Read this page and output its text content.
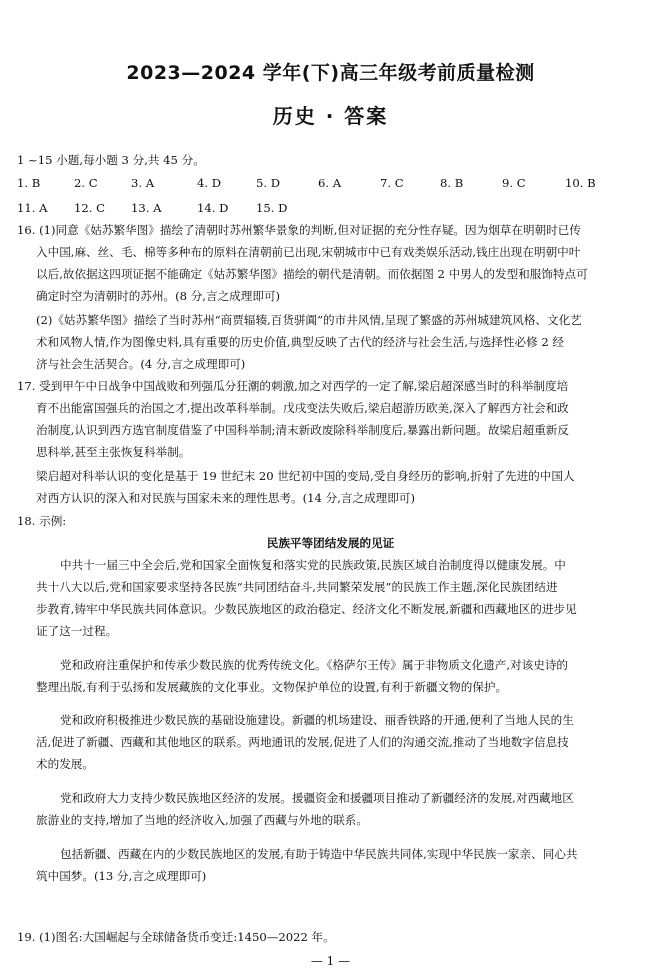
2023—2024 学年(下)高三年级考前质量检测
历史 · 答案
1 ~15 小题,每小题 3 分,共 45 分。
1. B	2. C	3. A	4. D	5. D	6. A	7. C	8. B	9. C	10. B
11. A 12. C 13. A	14. D 15. D
16. (1)同意《姑苏繁华图》描绘了清朝时苏州繁华景象的判断,但对证据的充分性存疑。因为烟草在明朝时已传
入中国,麻、丝、毛、棉等多种布的原料在清朝前已出现,宋朝城市中已有戏类娱乐活动,钱庄出现在明朝中叶
以后,故依据这四项证据不能确定《姑苏繁华图》描绘的朝代是清朝。而依据图 2 中男人的发型和服饰特点可
确定时空为清朝时的苏州。(8 分,言之成理即可)
(2)《姑苏繁华图》描绘了当时苏州“商贾辐辏,百货骈阗”的市井风情,呈现了繁盛的苏州城建筑风格、文化艺
术和风物人情,作为图像史料,具有重要的历史价值,典型反映了古代的经济与社会生活,与选择性必修 2 经
济与社会生活契合。(4 分,言之成理即可)
17. 受到甲午中日战争中国战败和列强瓜分狂潮的刺激,加之对西学的一定了解,梁启超深感当时的科举制度培
育不出能富国强兵的治国之才,提出改革科举制。戊戌变法失败后,梁启超游历欧美,深入了解西方社会和政
治制度,认识到西方选官制度借鉴了中国科举制;清末新政废除科举制度后,暴露出新问题。故梁启超重新反
思科举,甚至主张恢复科举制。
梁启超对科举认识的变化是基于 19 世纪末 20 世纪初中国的变局,受自身经历的影响,折射了先进的中国人
对西方认识的深入和对民族与国家未来的理性思考。(14 分,言之成理即可)
18. 示例:
民族平等团结发展的见证
中共十一届三中全会后,党和国家全面恢复和落实党的民族政策,民族区域自治制度得以健康发展。中
共十八大以后,党和国家要求坚持各民族“共同团结奋斗,共同繁荣发展”的民族工作主题,深化民族团结进
步教育,铸牢中华民族共同体意识。少数民族地区的政治稳定、经济文化不断发展,新疆和西藏地区的进步见
证了这一过程。
党和政府注重保护和传承少数民族的优秀传统文化。《格萨尔王传》属于非物质文化遗产,对该史诗的
整理出版,有利于弘扬和发展藏族的文化事业。文物保护单位的设置,有利于新疆文物的保护。
党和政府积极推进少数民族的基础设施建设。新疆的机场建设、丽香铁路的开通,便利了当地人民的生
活,促进了新疆、西藏和其他地区的联系。两地通讯的发展,促进了人们的沟通交流,推动了当地数字信息技
术的发展。
党和政府大力支持少数民族地区经济的发展。援疆资金和援疆项目推动了新疆经济的发展,对西藏地区
旅游业的支持,增加了当地的经济收入,加强了西藏与外地的联系。
包括新疆、西藏在内的少数民族地区的发展,有助于铸造中华民族共同体,实现中华民族一家亲、同心共
筑中国梦。(13 分,言之成理即可)
19. (1)图名:大国崛起与全球储备货币变迁:1450—2022 年。
— 1 —
